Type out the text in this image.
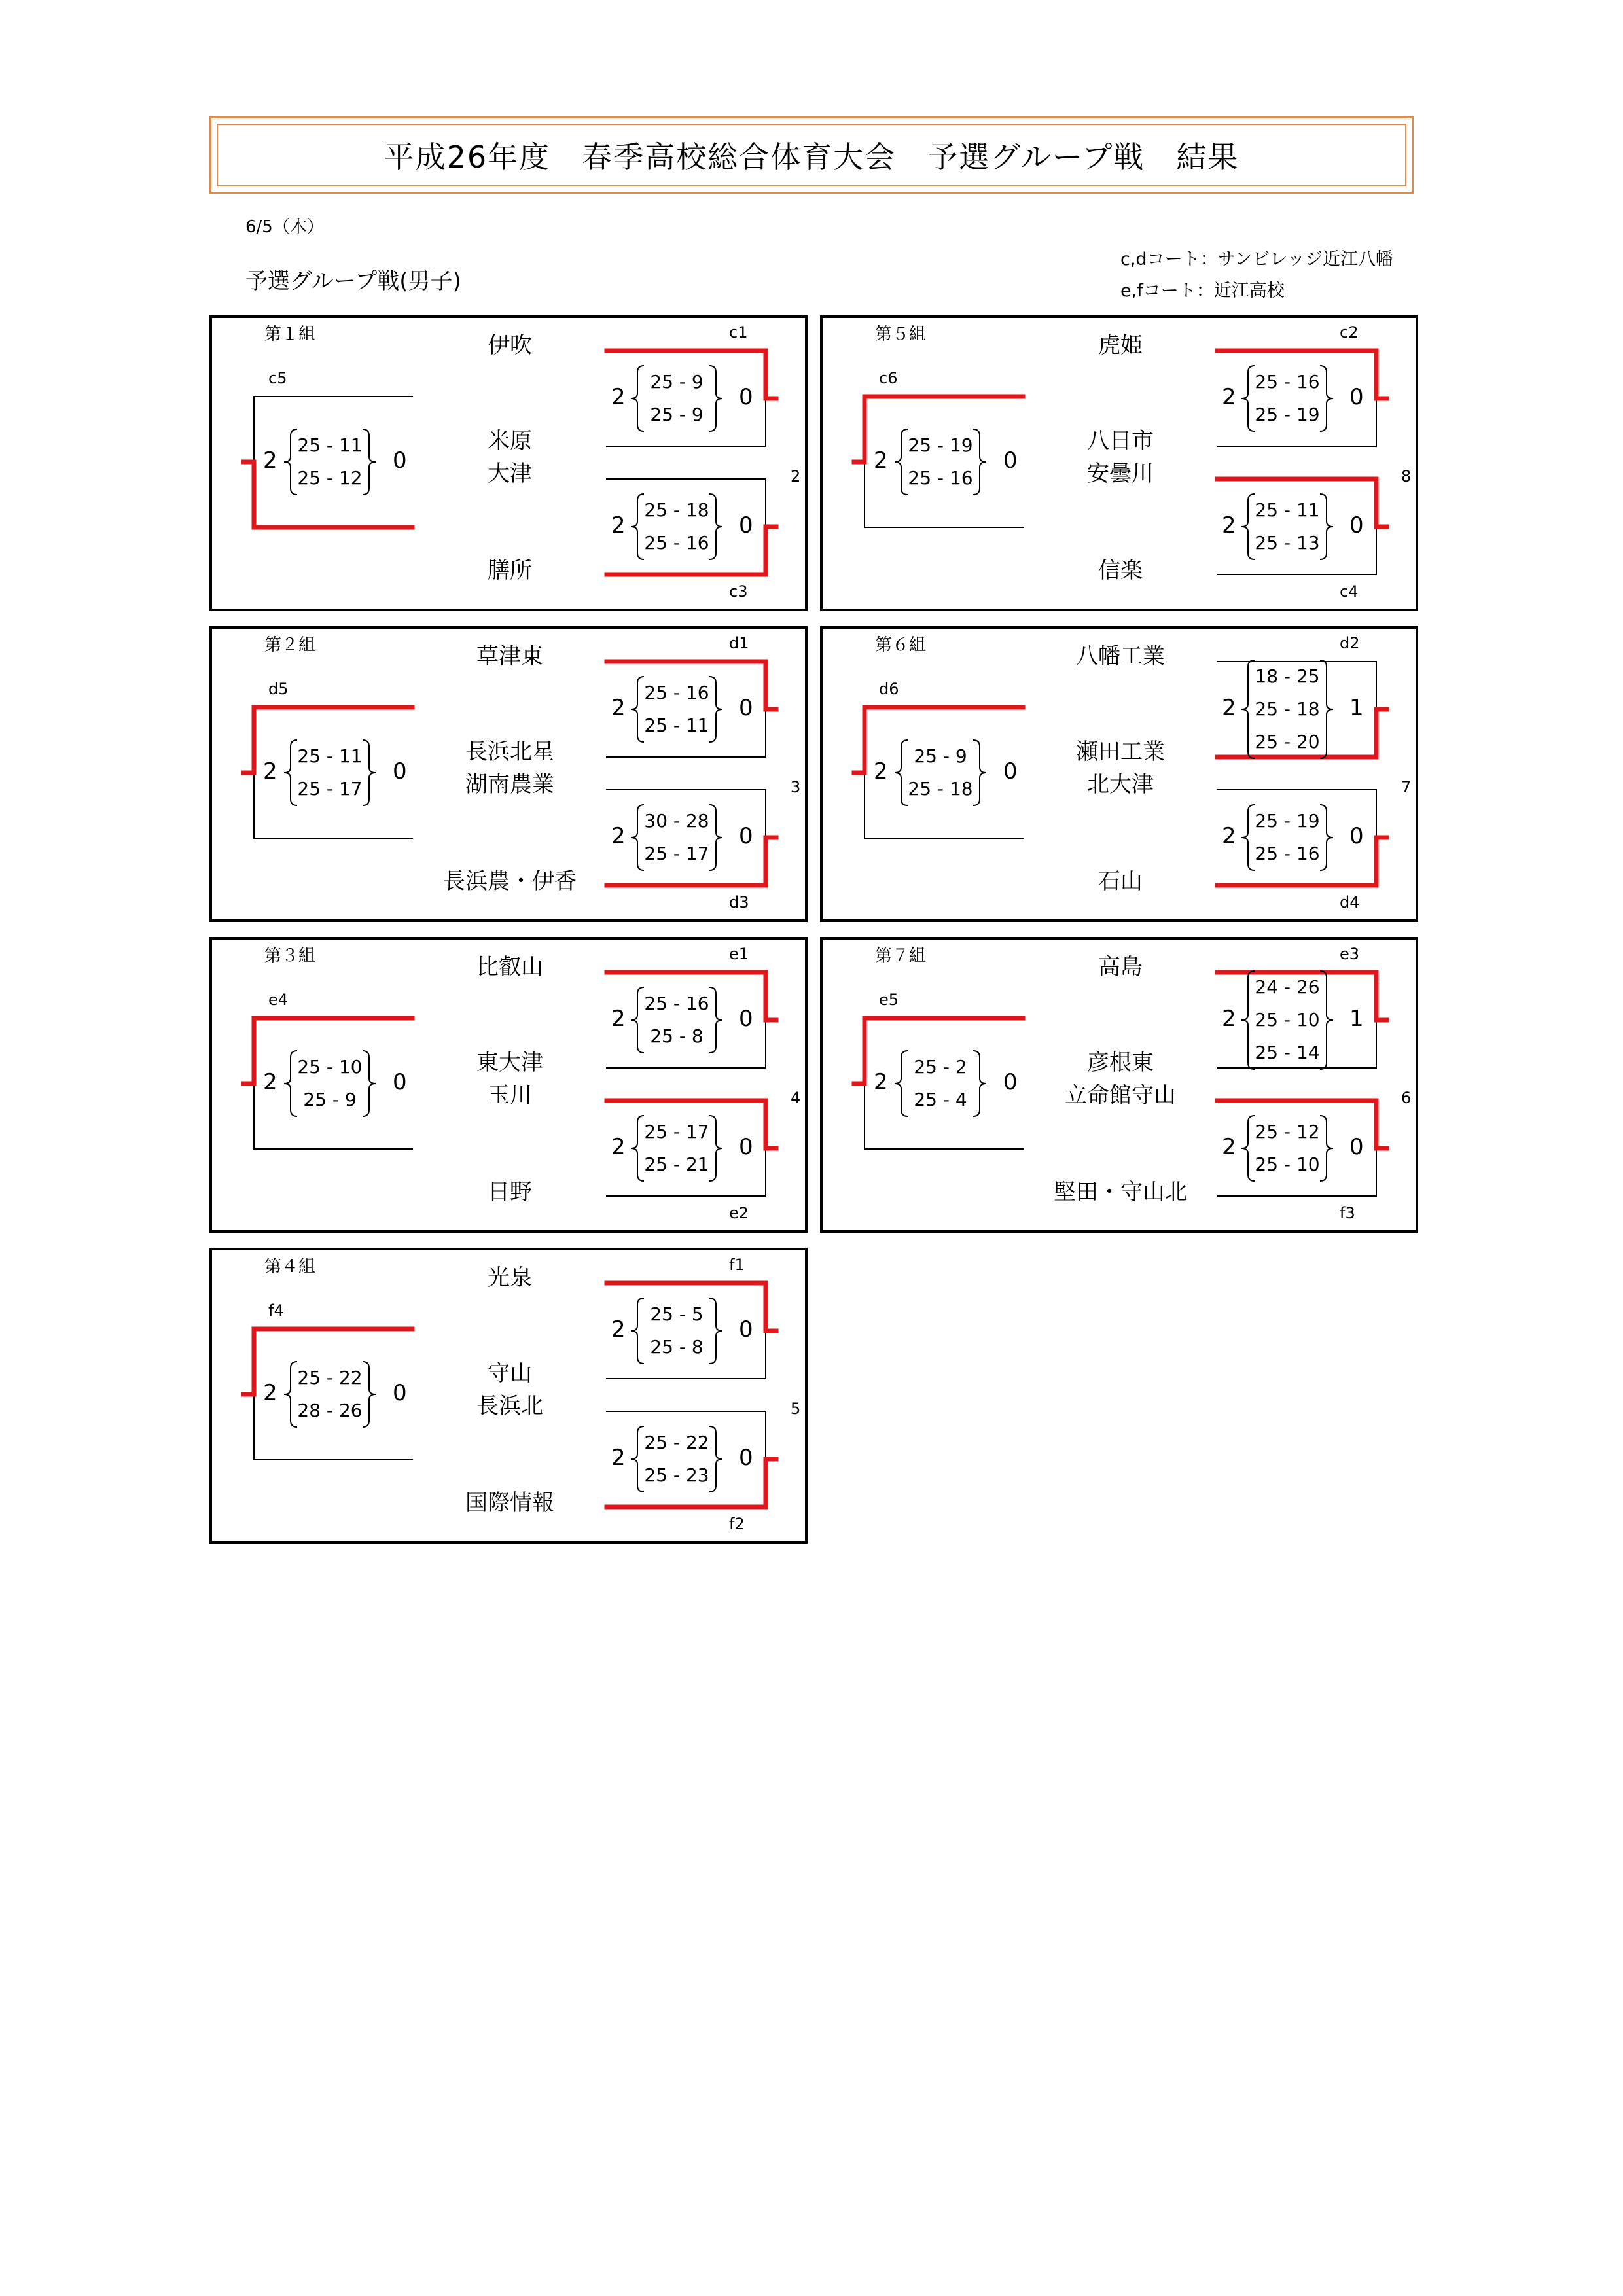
平成26年度　春季高校総合体育大会　予選グループ戦　結果
6/5（木）
予選グループ戦(男子)
c,dコート：サンビレッジ近江八幡
e,fコート：近江高校
2	0
25 - 9
25 - 9
c1
2	0
25 - 18
25 - 16
c3
2
2	0
25 - 11
25 - 12
c5
第１組	伊吹
米原
大津
膳所
2	0
25 - 16
25 - 19
c2
2	0
25 - 11
25 - 13
c4
8
2	0
25 - 19
25 - 16
c6
第５組	虎姫
八日市
安曇川
信楽
2	0
25 - 16
25 - 11
d1
2	0
30 - 28
25 - 17
d3
3
2	0
25 - 11
25 - 17
d5
第２組	草津東
長浜北星
湖南農業
長浜農・伊香
2	1
18 - 25
25 - 18
25 - 20
d2
2	0
25 - 19
25 - 16
d4
7
2	0
25 - 9
25 - 18
d6
第６組	八幡工業
瀬田工業
北大津
石山
2	0
25 - 16
25 - 8
e1
2	0
25 - 17
25 - 21
e2
4
2	0
25 - 10
25 - 9
e4
第３組	比叡山
東大津
玉川
日野
2	1
24 - 26
25 - 10
25 - 14
e3
2	0
25 - 12
25 - 10
f3
6
2	0
25 - 2
25 - 4
e5
第７組	高島
彦根東
立命館守山
堅田・守山北
2	0
25 - 5
25 - 8
f1
2	0
25 - 22
25 - 23
f2
5
2	0
25 - 22
28 - 26
f4
第４組	光泉
守山
長浜北
国際情報
